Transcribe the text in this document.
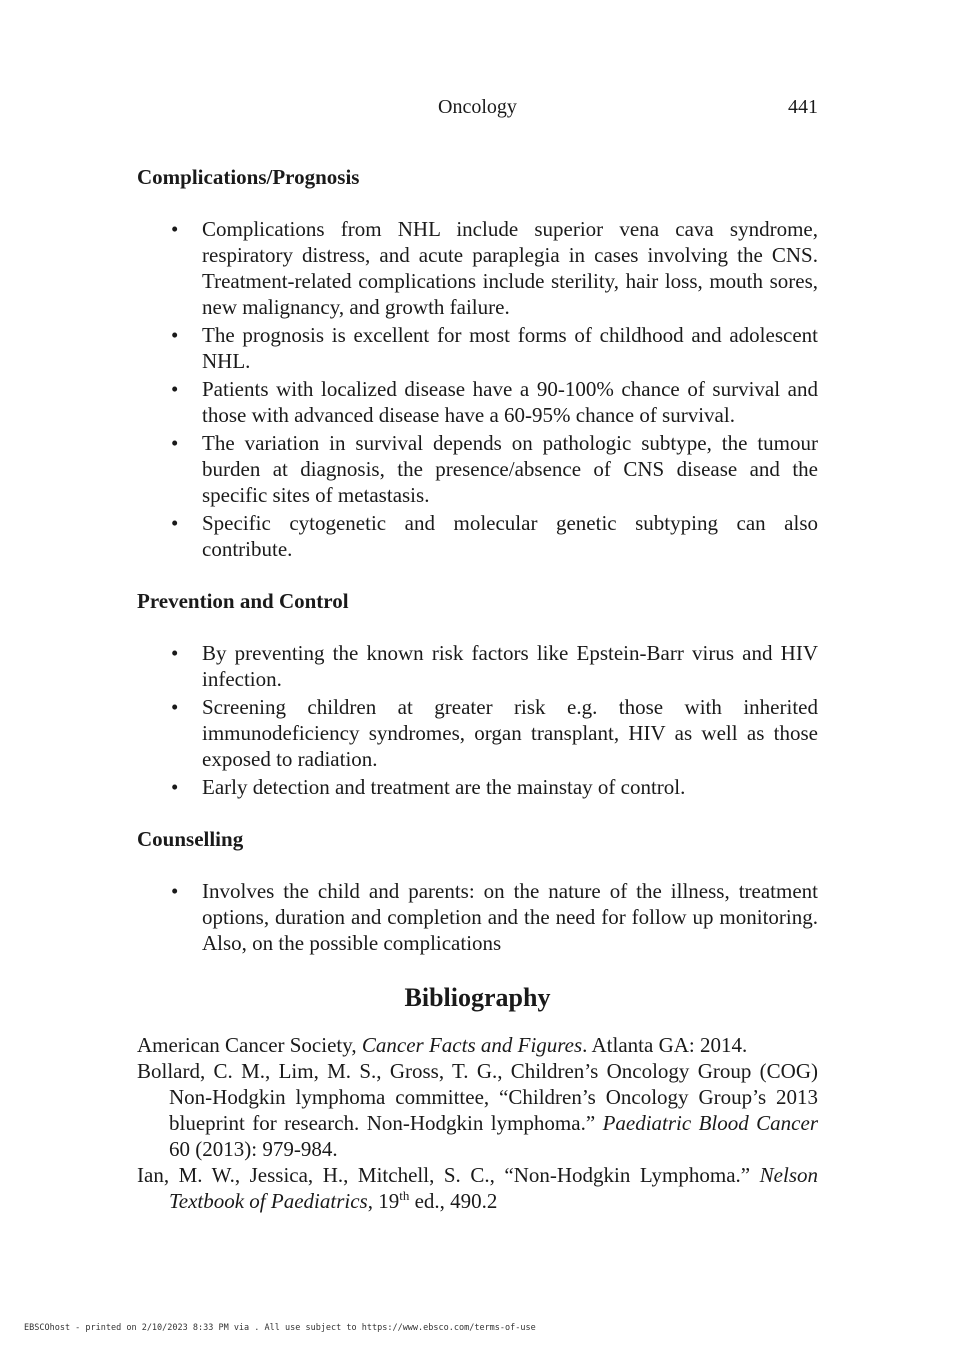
Oncology	441
Complications/Prognosis
• Complications from NHL include superior vena cava syndrome, respiratory distress, and acute paraplegia in cases involving the CNS. Treatment-related complications include sterility, hair loss, mouth sores, new malignancy, and growth failure.
• The prognosis is excellent for most forms of childhood and adolescent NHL.
• Patients with localized disease have a 90-100% chance of survival and those with advanced disease have a 60-95% chance of survival.
• The variation in survival depends on pathologic subtype, the tumour burden at diagnosis, the presence/absence of CNS disease and the specific sites of metastasis.
• Specific cytogenetic and molecular genetic subtyping can also contribute.
Prevention and Control
• By preventing the known risk factors like Epstein-Barr virus and HIV infection.
• Screening children at greater risk e.g. those with inherited immunodeficiency syndromes, organ transplant, HIV as well as those exposed to radiation.
• Early detection and treatment are the mainstay of control.
Counselling
• Involves the child and parents: on the nature of the illness, treatment options, duration and completion and the need for follow up monitoring. Also, on the possible complications
Bibliography

American Cancer Society, Cancer Facts and Figures. Atlanta GA: 2014.

Bollard, C. M., Lim, M. S., Gross, T. G., Children’s Oncology Group (COG) Non-Hodgkin lymphoma committee, “Children’s Oncology Group’s 2013 blueprint for research. Non-Hodgkin lymphoma.” Paediatric Blood Cancer 60 (2013): 979-984.

Ian, M. W., Jessica, H., Mitchell, S. C., “Non-Hodgkin Lymphoma.” Nelson Textbook of Paediatrics, 19th ed., 490.2

EBSCOhost - printed on 2/10/2023 8:33 PM via . All use subject to https://www.ebsco.com/terms-of-use
